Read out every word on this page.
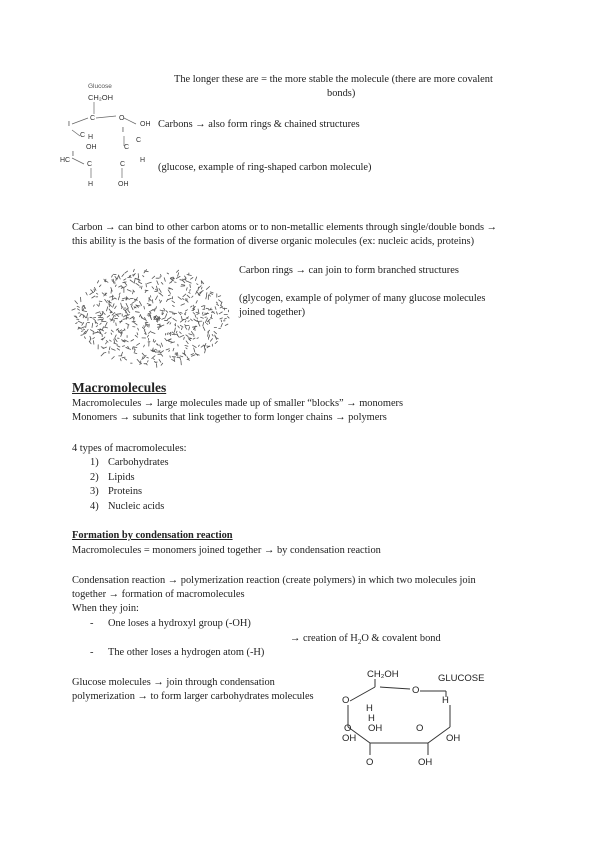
The longer these are = the more stable the molecule (there are more covalent
bonds)
Glucose
CH₂OH
C	O
OH
I
H
C
C
OH	C
HC
C	C
I
H
H	OH
I
Carbons → also form rings & chained structures
(glucose, example of ring-shaped carbon molecule)
Carbon → can bind to other carbon atoms or to non-metallic elements through single/double bonds →
this ability is the basis of the formation of diverse organic molecules (ex: nucleic acids, proteins)
Carbon rings → can join to form branched structures
(glycogen, example of polymer of many glucose molecules
joined together)
Macromolecules
Macromolecules → large molecules made up of smaller “blocks” → monomers
Monomers → subunits that link together to form longer chains → polymers
4 types of macromolecules:
1) Carbohydrates
2) Lipids
3) Proteins
4) Nucleic acids
Formation by condensation reaction
Macromolecules = monomers joined together → by condensation reaction
Condensation reaction → polymerization reaction (create polymers) in which two molecules join
together → formation of macromolecules
When they join:
- One loses a hydroxyl group (-OH)
→ creation of $H_2O$ & covalent bond
- The other loses a hydrogen atom (-H)
Glucose molecules → join through condensation
polymerization → to form larger carbohydrates molecules
CH₂OH	GLUCOSE
O
H
O
H
O
H
OH	O
OH
OH
O	OH
